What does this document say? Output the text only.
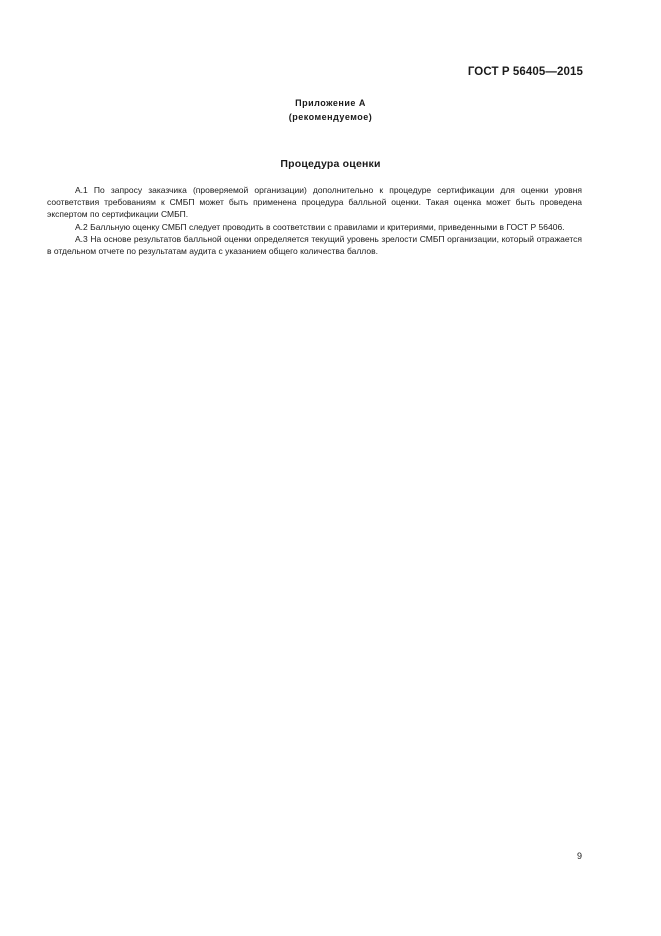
ГОСТ Р 56405—2015
Приложение А
(рекомендуемое)
Процедура оценки

А.1 По запросу заказчика (проверяемой организации) дополнительно к процедуре сертификации для оценки уровня соответствия требованиям к СМБП может быть применена процедура балльной оценки. Такая оценка может быть проведена экспертом по сертификации СМБП.

А.2 Балльную оценку СМБП следует проводить в соответствии с правилами и критериями, приведенными в ГОСТ Р 56406.

А.3 На основе результатов балльной оценки определяется текущий уровень зрелости СМБП организации, который отражается в отдельном отчете по результатам аудита с указанием общего количества баллов.

9
